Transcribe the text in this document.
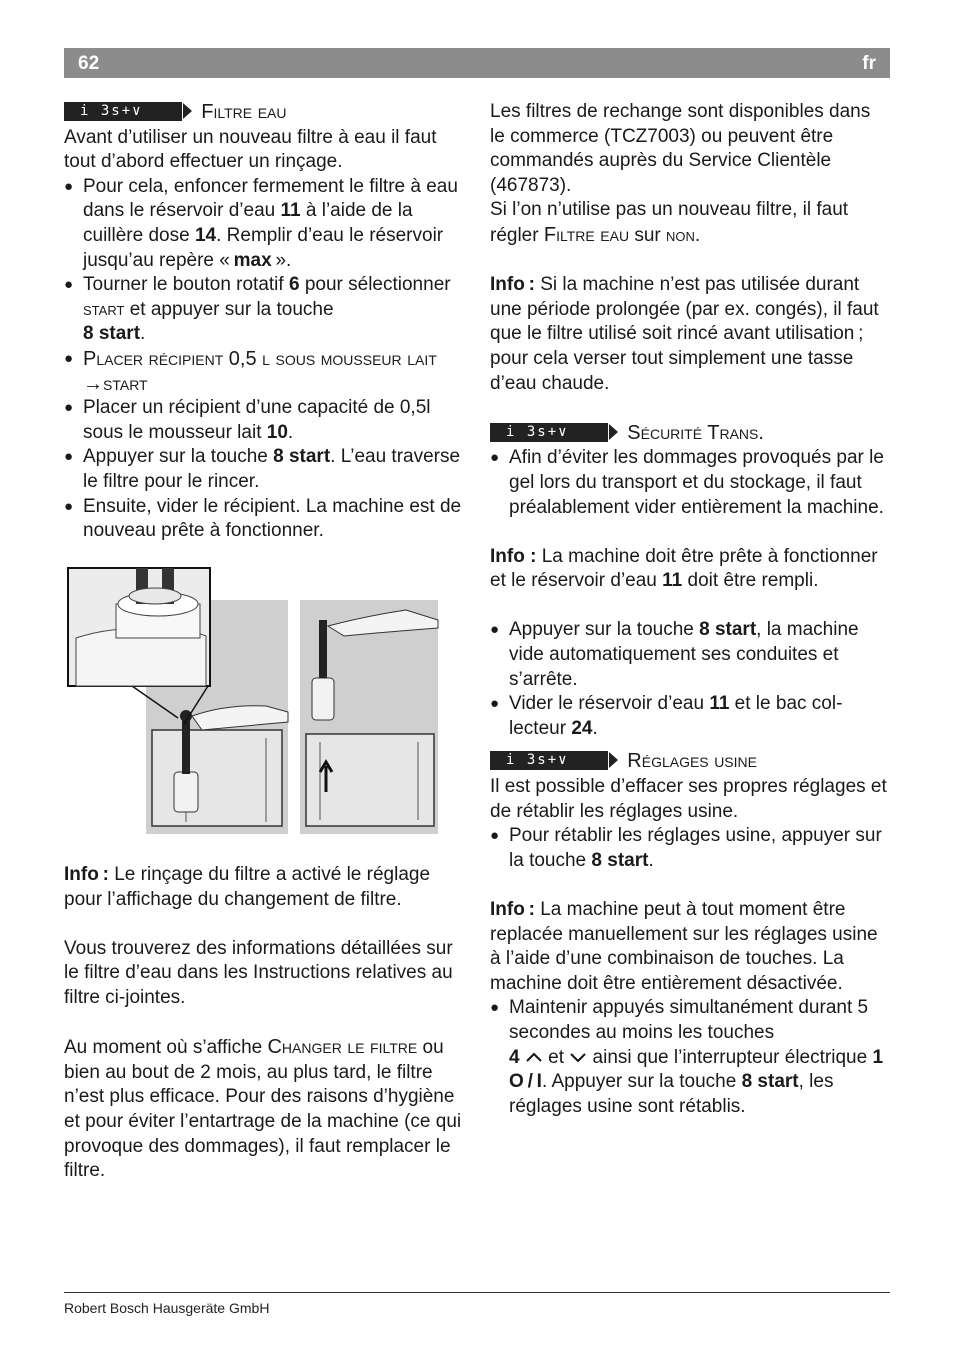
62	fr

i 3s+∨	Filtre eau

Avant d’utiliser un nouveau filtre à eau il faut tout d’abord effectuer un rinçage.

● Pour cela, enfoncer fermement le filtre à eau dans le réservoir d’eau 11 à l’aide de la cuillère dose 14. Remplir d’eau le réservoir jusqu’au repère « max ».

● Tourner le bouton rotatif 6 pour sélectionner start et appuyer sur la touche
8 start.

● Placer récipient 0,5 l sous mousseur lait →start

● Placer un récipient d’une capacité de 0,5l sous le mousseur lait 10.

● Appuyer sur la touche 8 start. L’eau traverse le filtre pour le rincer.

● Ensuite, vider le récipient. La machine est de nouveau prête à fonctionner.

Info : Le rinçage du filtre a activé le réglage pour l’affichage du changement de filtre.

Vous trouverez des informations détaillées sur le filtre d’eau dans les Instructions relatives au filtre ci-jointes.

Au moment où s’affiche Changer le filtre ou bien au bout de 2 mois, au plus tard, le filtre n’est plus efficace. Pour des raisons d’hygiène et pour éviter l’entartrage de la machine (ce qui provoque des dommages), il faut remplacer le filtre.

Les filtres de rechange sont disponibles dans le commerce (TCZ7003) ou peuvent être commandés auprès du Service Clientèle (467873).

Si l’on n’utilise pas un nouveau filtre, il faut régler Filtre eau sur non.

Info : Si la machine n’est pas utilisée durant une période prolongée (par ex. congés), il faut que le filtre utilisé soit rincé avant utilisation ; pour cela verser tout simplement une tasse d’eau chaude.

i 3s+∨	Sécurité Trans.

● Afin d’éviter les dommages provoqués par le gel lors du transport et du stockage, il faut préalablement vider entièrement la machine.

Info : La machine doit être prête à fonctionner et le réservoir d’eau 11 doit être rempli.

● Appuyer sur la touche 8 start, la machine vide automatiquement ses conduites et s’arrête.

● Vider le réservoir d’eau 11 et le bac collecteur 24.

i 3s+∨	Réglages usine

Il est possible d’effacer ses propres réglages et de rétablir les réglages usine.

● Pour rétablir les réglages usine, appuyer sur la touche 8 start.

Info : La machine peut à tout moment être replacée manuellement sur les réglages usine à l’aide d’une combinaison de touches. La machine doit être entièrement désactivée.

● Maintenir appuyés simultanément durant 5 secondes au moins les touches
4  et  ainsi que l’interrupteur électrique 1 O / I. Appuyer sur la touche 8 start, les réglages usine sont rétablis.

Robert Bosch Hausgeräte GmbH
